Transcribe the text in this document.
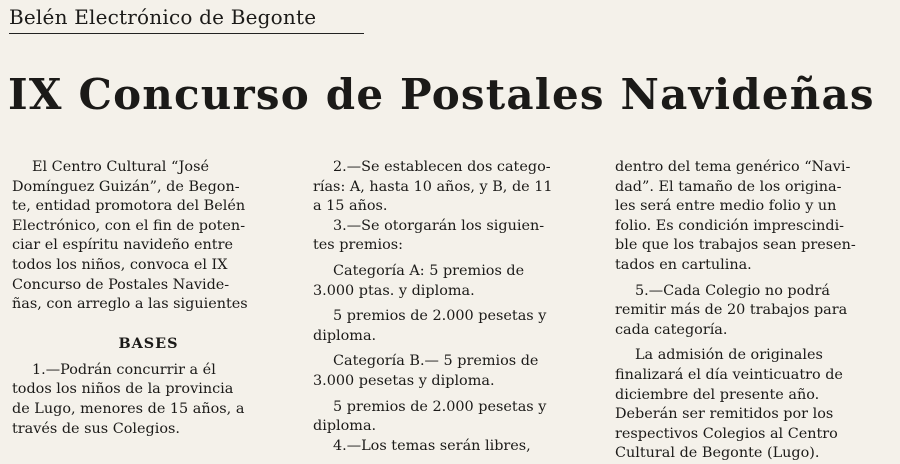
Belén Electrónico de Begonte
IX Concurso de Postales Navideñas
El Centro Cultural “José
Domínguez Guizán”, de Begon-
te, entidad promotora del Belén
Electrónico, con el fin de poten-
ciar el espíritu navideño entre
todos los niños, convoca el IX
Concurso de Postales Navide-
ñas, con arreglo a las siguientes
BASES
1.—Podrán concurrir a él
todos los niños de la provincia
de Lugo, menores de 15 años, a
través de sus Colegios.
2.—Se establecen dos catego-
rías: A, hasta 10 años, y B, de 11
a 15 años.
3.—Se otorgarán los siguien-
tes premios:
Categoría A: 5 premios de
3.000 ptas. y diploma.
5 premios de 2.000 pesetas y
diploma.
Categoría B.— 5 premios de
3.000 pesetas y diploma.
5 premios de 2.000 pesetas y
diploma.
4.—Los temas serán libres,
dentro del tema genérico “Navi-
dad”. El tamaño de los origina-
les será entre medio folio y un
folio. Es condición imprescindi-
ble que los trabajos sean presen-
tados en cartulina.
5.—Cada Colegio no podrá
remitir más de 20 trabajos para
cada categoría.
La admisión de originales
finalizará el día veinticuatro de
diciembre del presente año.
Deberán ser remitidos por los
respectivos Colegios al Centro
Cultural de Begonte (Lugo).
